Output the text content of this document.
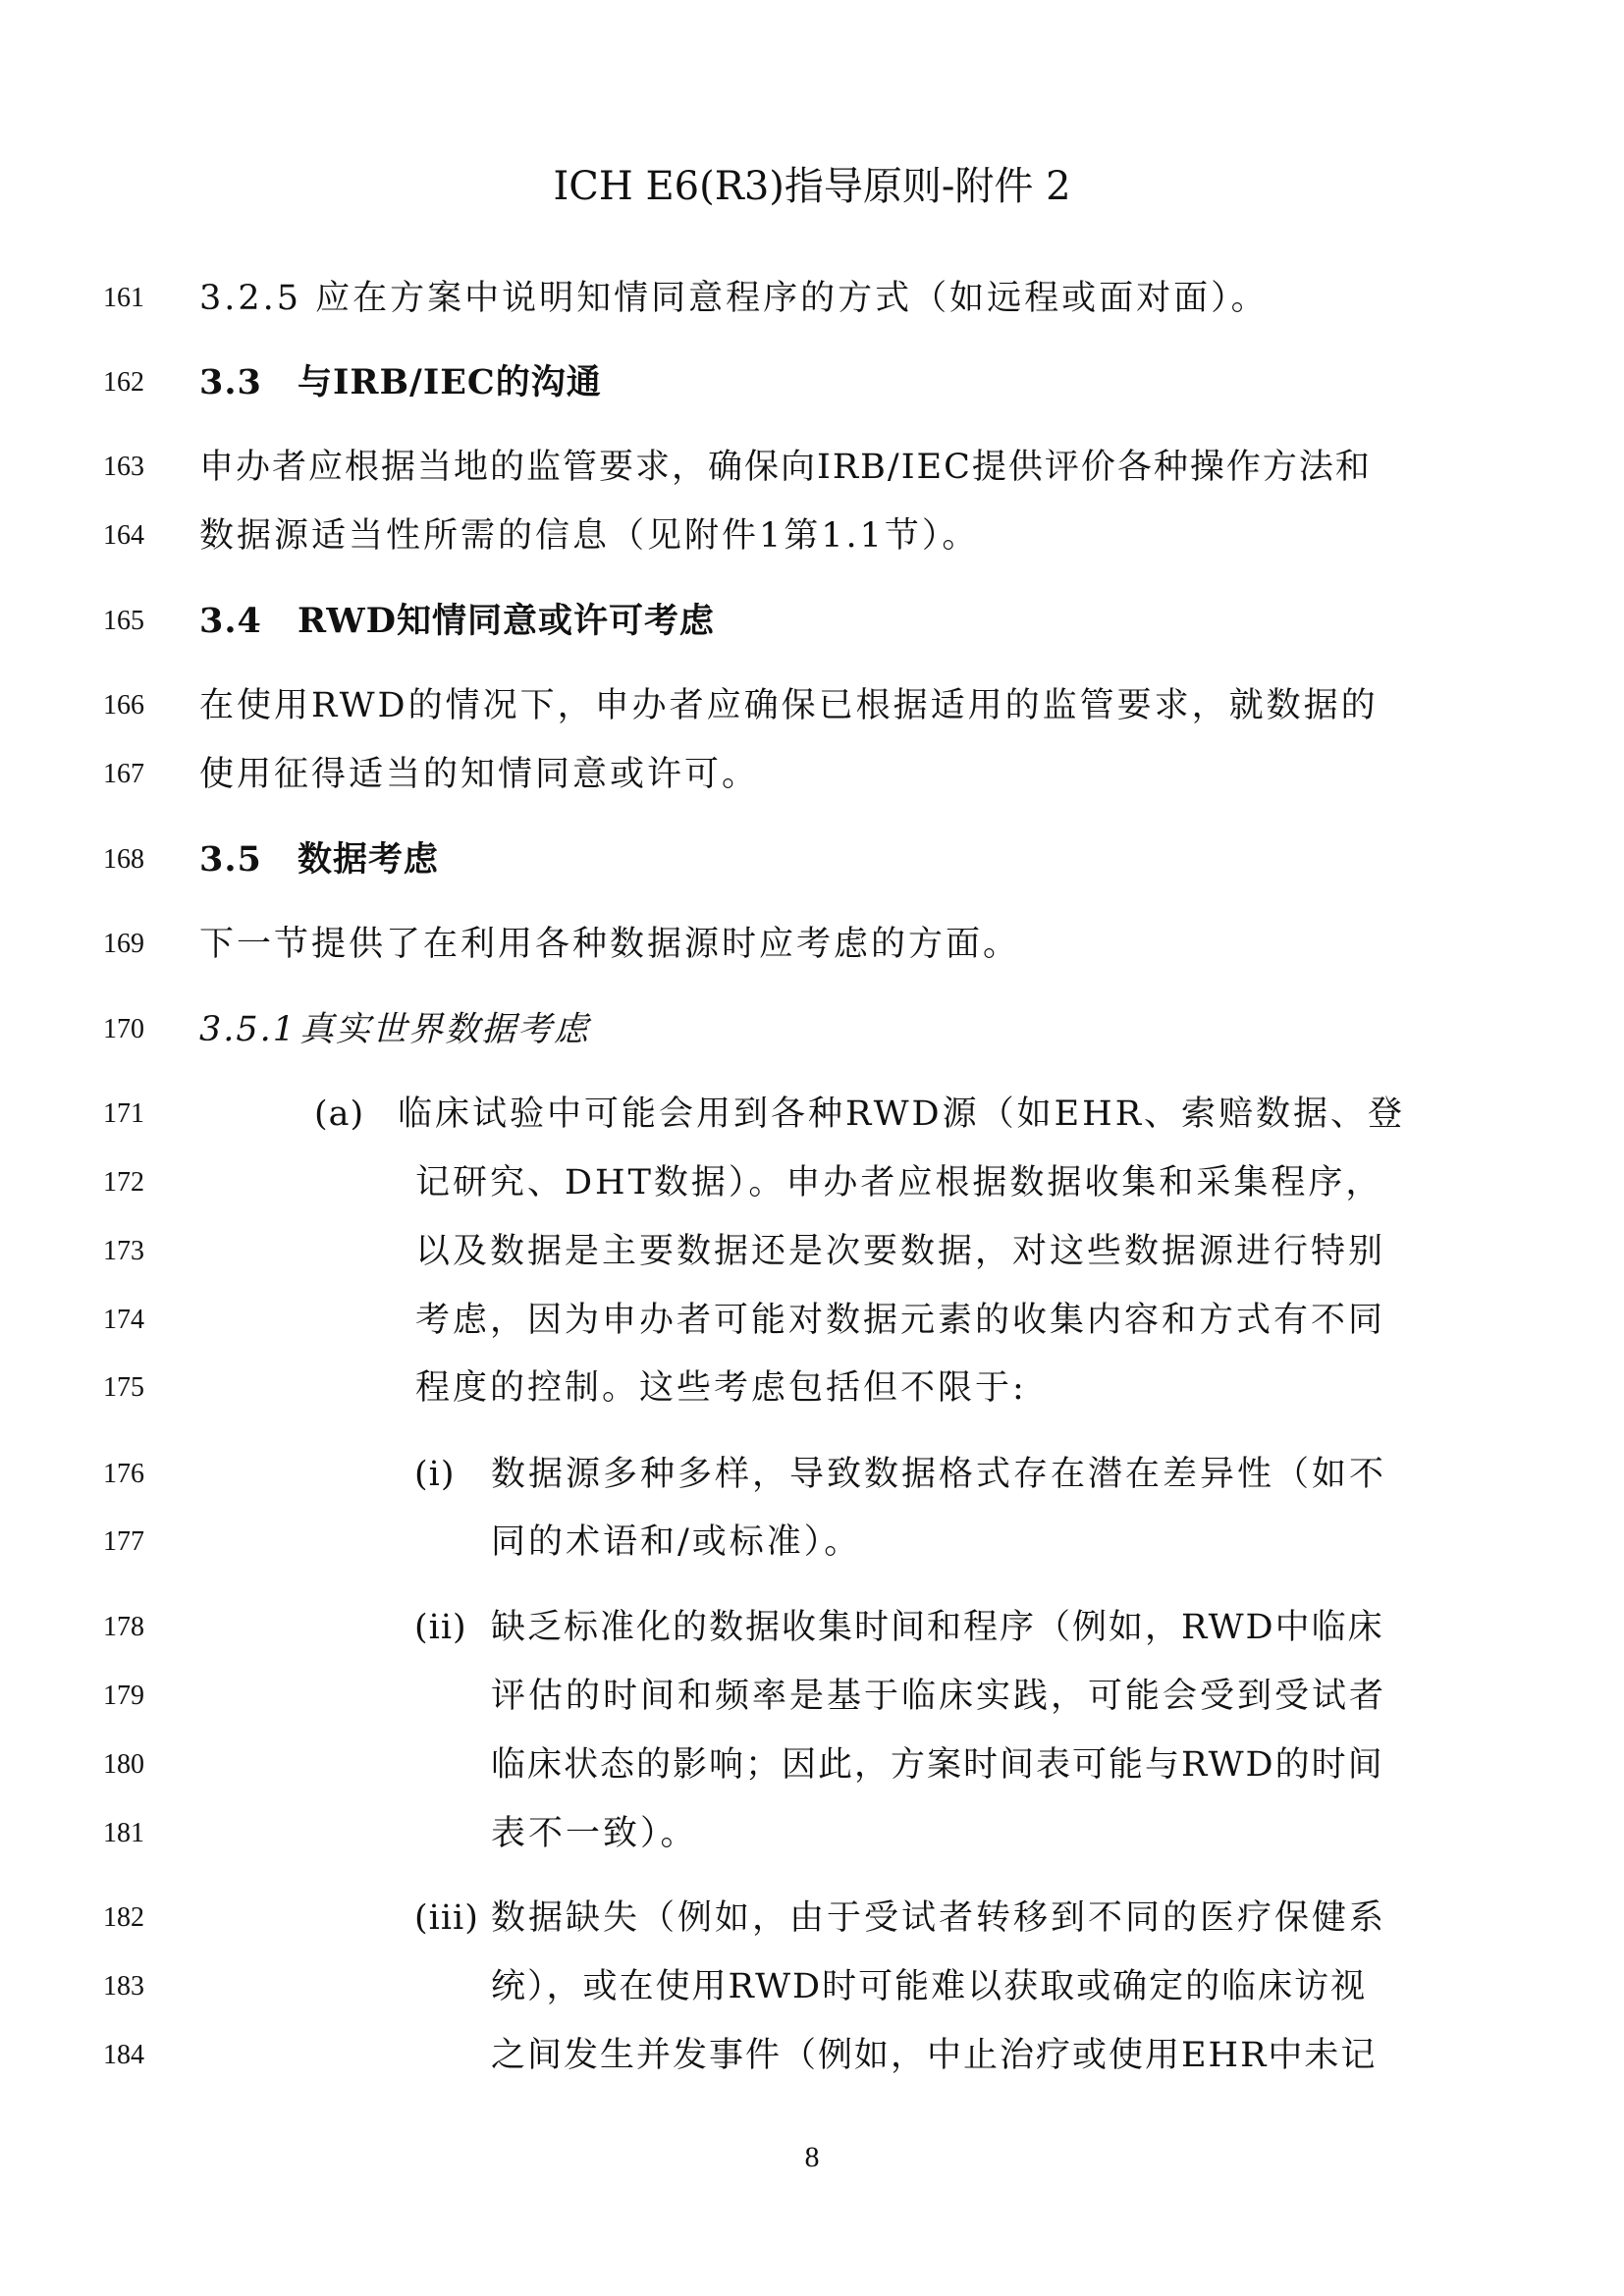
ICH E6(R3)指导原则-附件 2
161 3.2.5 应在方案中说明知情同意程序的方式（如远程或面对面）。
162 3.3 与IRB/IEC的沟通
163 申办者应根据当地的监管要求，确保向IRB/IEC提供评价各种操作方法和
164 数据源适当性所需的信息（见附件1第1.1节）。
165 3.4 RWD知情同意或许可考虑
166 在使用RWD的情况下，申办者应确保已根据适用的监管要求，就数据的
167 使用征得适当的知情同意或许可。
168 3.5 数据考虑
169 下一节提供了在利用各种数据源时应考虑的方面。
170 3.5.1真实世界数据考虑
171	(a) 临床试验中可能会用到各种RWD源（如EHR、索赔数据、登
172	记研究、DHT数据）。申办者应根据数据收集和采集程序，
173	以及数据是主要数据还是次要数据，对这些数据源进行特别
174	考虑，因为申办者可能对数据元素的收集内容和方式有不同
175	程度的控制。这些考虑包括但不限于:
176	(i) 数据源多种多样，导致数据格式存在潜在差异性（如不
177	同的术语和/或标准）。
178	(ii) 缺乏标准化的数据收集时间和程序（例如，RWD中临床
179	评估的时间和频率是基于临床实践，可能会受到受试者
180	临床状态的影响；因此，方案时间表可能与RWD的时间
181	表不一致）。
182	(iii) 数据缺失（例如，由于受试者转移到不同的医疗保健系
183	统），或在使用RWD时可能难以获取或确定的临床访视
184	之间发生并发事件（例如，中止治疗或使用EHR中未记
8
